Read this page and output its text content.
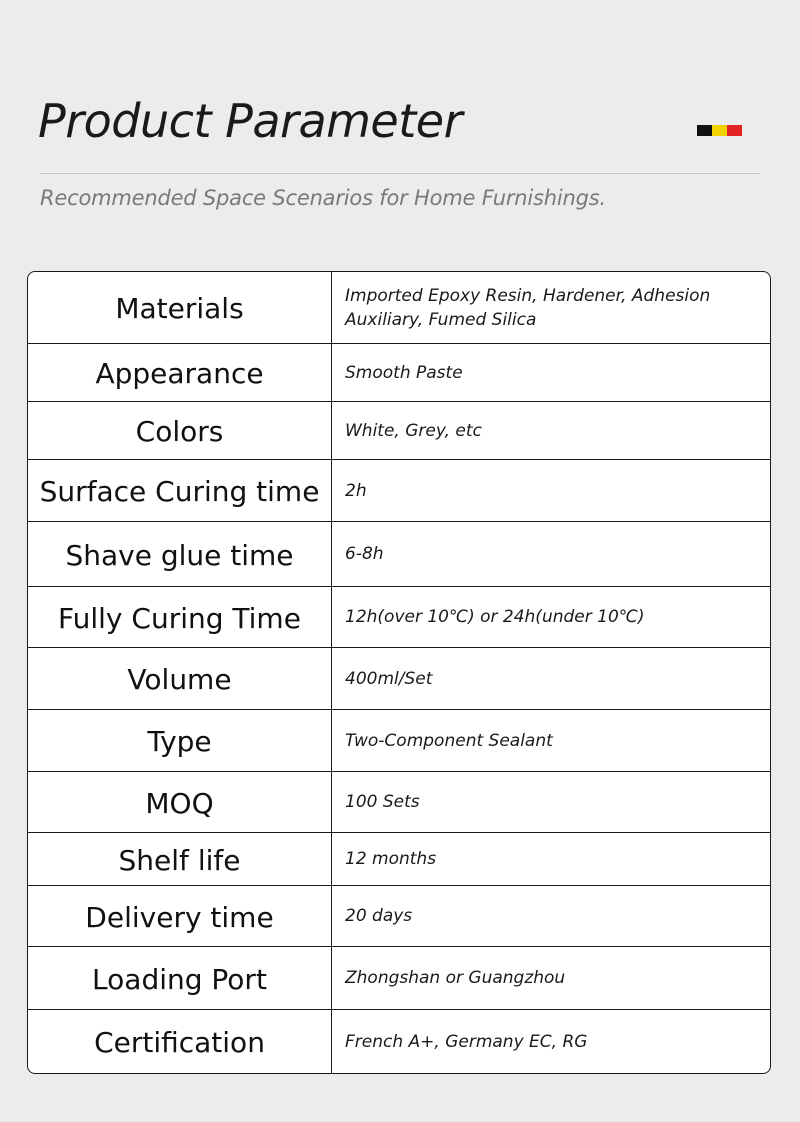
Product Parameter
Recommended Space Scenarios for Home Furnishings.
Materials	Imported Epoxy Resin, Hardener, Adhesion Auxiliary, Fumed Silica
Appearance	Smooth Paste
Colors	White, Grey, etc
Surface Curing time	2h
Shave glue time	6-8h
Fully Curing Time	12h(over 10℃) or 24h(under 10℃)
Volume	400ml/Set
Type	Two-Component Sealant
MOQ	100 Sets
Shelf life	12 months
Delivery time	20 days
Loading Port	Zhongshan or Guangzhou
Certification	French A+, Germany EC, RG
